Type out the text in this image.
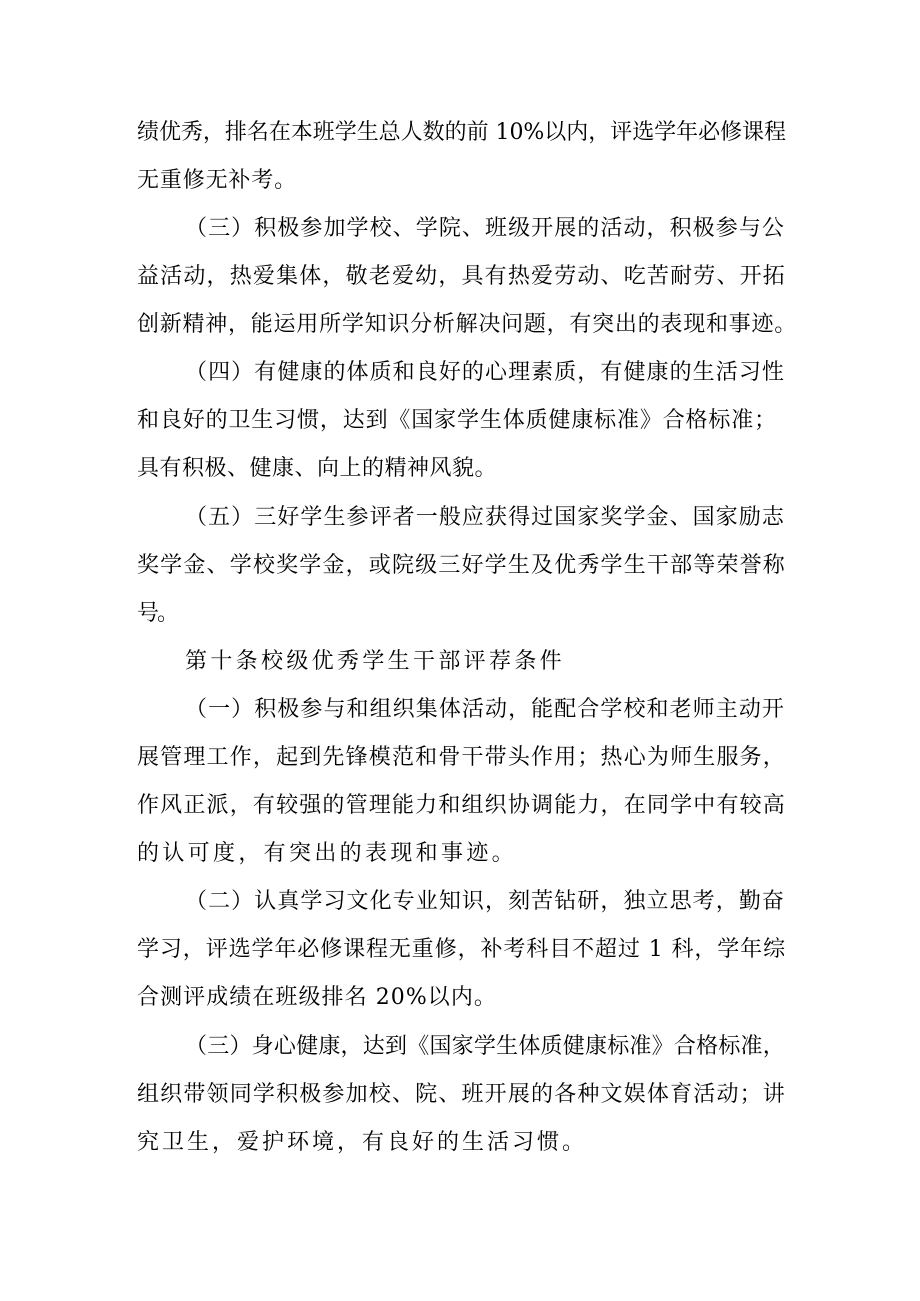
绩优秀，排名在本班学生总人数的前 10%以内，评选学年必修课程
无重修无补考。
（三）积极参加学校、学院、班级开展的活动，积极参与公
益活动，热爱集体，敬老爱幼，具有热爱劳动、吃苦耐劳、开拓
创新精神，能运用所学知识分析解决问题，有突出的表现和事迹。
（四）有健康的体质和良好的心理素质，有健康的生活习性
和良好的卫生习惯，达到《国家学生体质健康标准》合格标准；
具有积极、健康、向上的精神风貌。
（五）三好学生参评者一般应获得过国家奖学金、国家励志
奖学金、学校奖学金，或院级三好学生及优秀学生干部等荣誉称
号。
第十条校级优秀学生干部评荐条件
（一）积极参与和组织集体活动，能配合学校和老师主动开
展管理工作，起到先锋模范和骨干带头作用；热心为师生服务，
作风正派，有较强的管理能力和组织协调能力，在同学中有较高
的认可度，有突出的表现和事迹。
（二）认真学习文化专业知识，刻苦钻研，独立思考，勤奋
学习，评选学年必修课程无重修，补考科目不超过 1 科，学年综
合测评成绩在班级排名 20%以内。
（三）身心健康，达到《国家学生体质健康标准》合格标准，
组织带领同学积极参加校、院、班开展的各种文娱体育活动；讲
究卫生，爱护环境，有良好的生活习惯。
